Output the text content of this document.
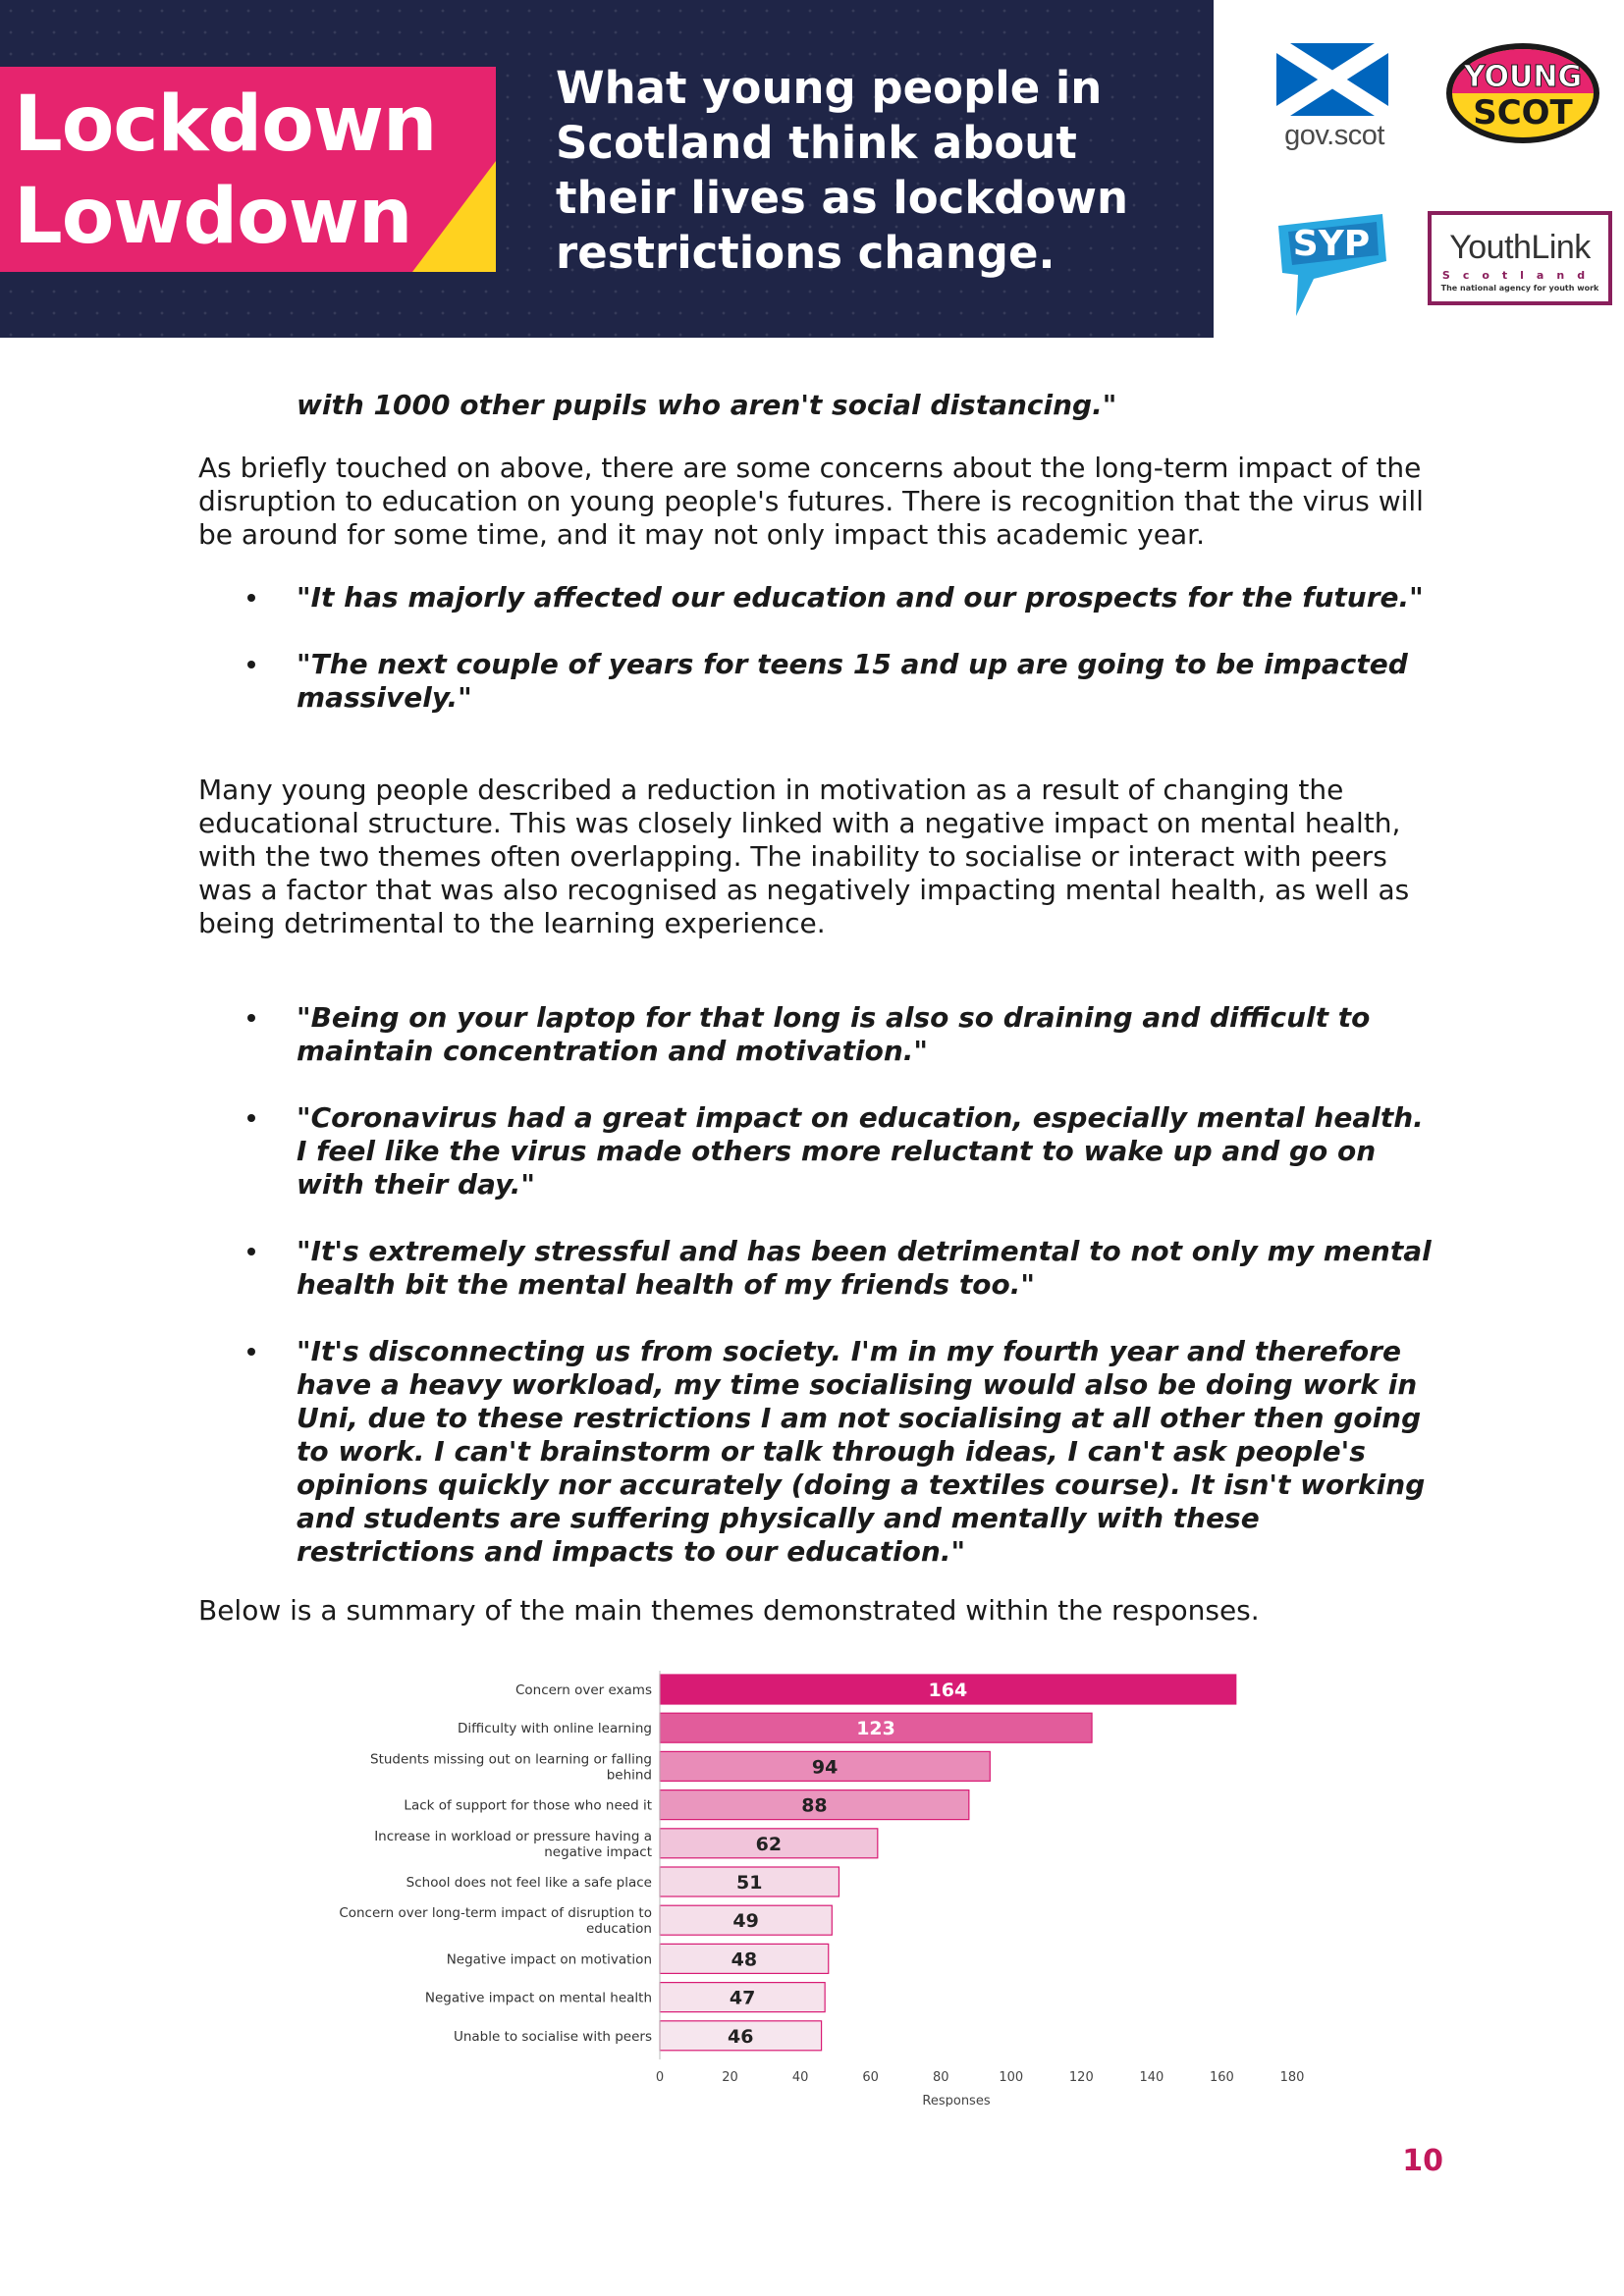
Lockdown
Lowdown
What young people in
Scotland think about
their lives as lockdown
restrictions change.
gov.scot
YOUNG
SCOT
SYP	YouthLink
Scotland
The national agency for youth work

with 1000 other pupils who aren't social distancing."

As briefly touched on above, there are some concerns about the long-term impact of the disruption to education on young people's futures. There is recognition that the virus will be around for some time, and it may not only impact this academic year.

"It has majorly affected our education and our prospects for the future."

"The next couple of years for teens 15 and up are going to be impacted massively."

Many young people described a reduction in motivation as a result of changing the educational structure. This was closely linked with a negative impact on mental health, with the two themes often overlapping. The inability to socialise or interact with peers was a factor that was also recognised as negatively impacting mental health, as well as being detrimental to the learning experience.

"Being on your laptop for that long is also so draining and difficult to maintain concentration and motivation."

"Coronavirus had a great impact on education, especially mental health. I feel like the virus made others more reluctant to wake up and go on with their day."

"It's extremely stressful and has been detrimental to not only my mental health bit the mental health of my friends too."

"It's disconnecting us from society. I'm in my fourth year and therefore have a heavy workload, my time socialising would also be doing work in Uni, due to these restrictions I am not socialising at all other then going to work. I can't brainstorm or talk through ideas, I can't ask people's opinions quickly nor accurately (doing a textiles course). It isn't working and students are suffering physically and mentally with these restrictions and impacts to our education."

Below is a summary of the main themes demonstrated within the responses.

164
Concern over exams
123
Difficulty with online learning
94
Students missing out on learning or falling
behind
88
Lack of support for those who need it
62
Increase in workload or pressure having a
negative impact
51
School does not feel like a safe place
49
Concern over long-term impact of disruption to
education
48
Negative impact on motivation
47
Negative impact on mental health
46
Unable to socialise with peers
0	20	40	60	80	100	120	140	160	180
Responses
10
